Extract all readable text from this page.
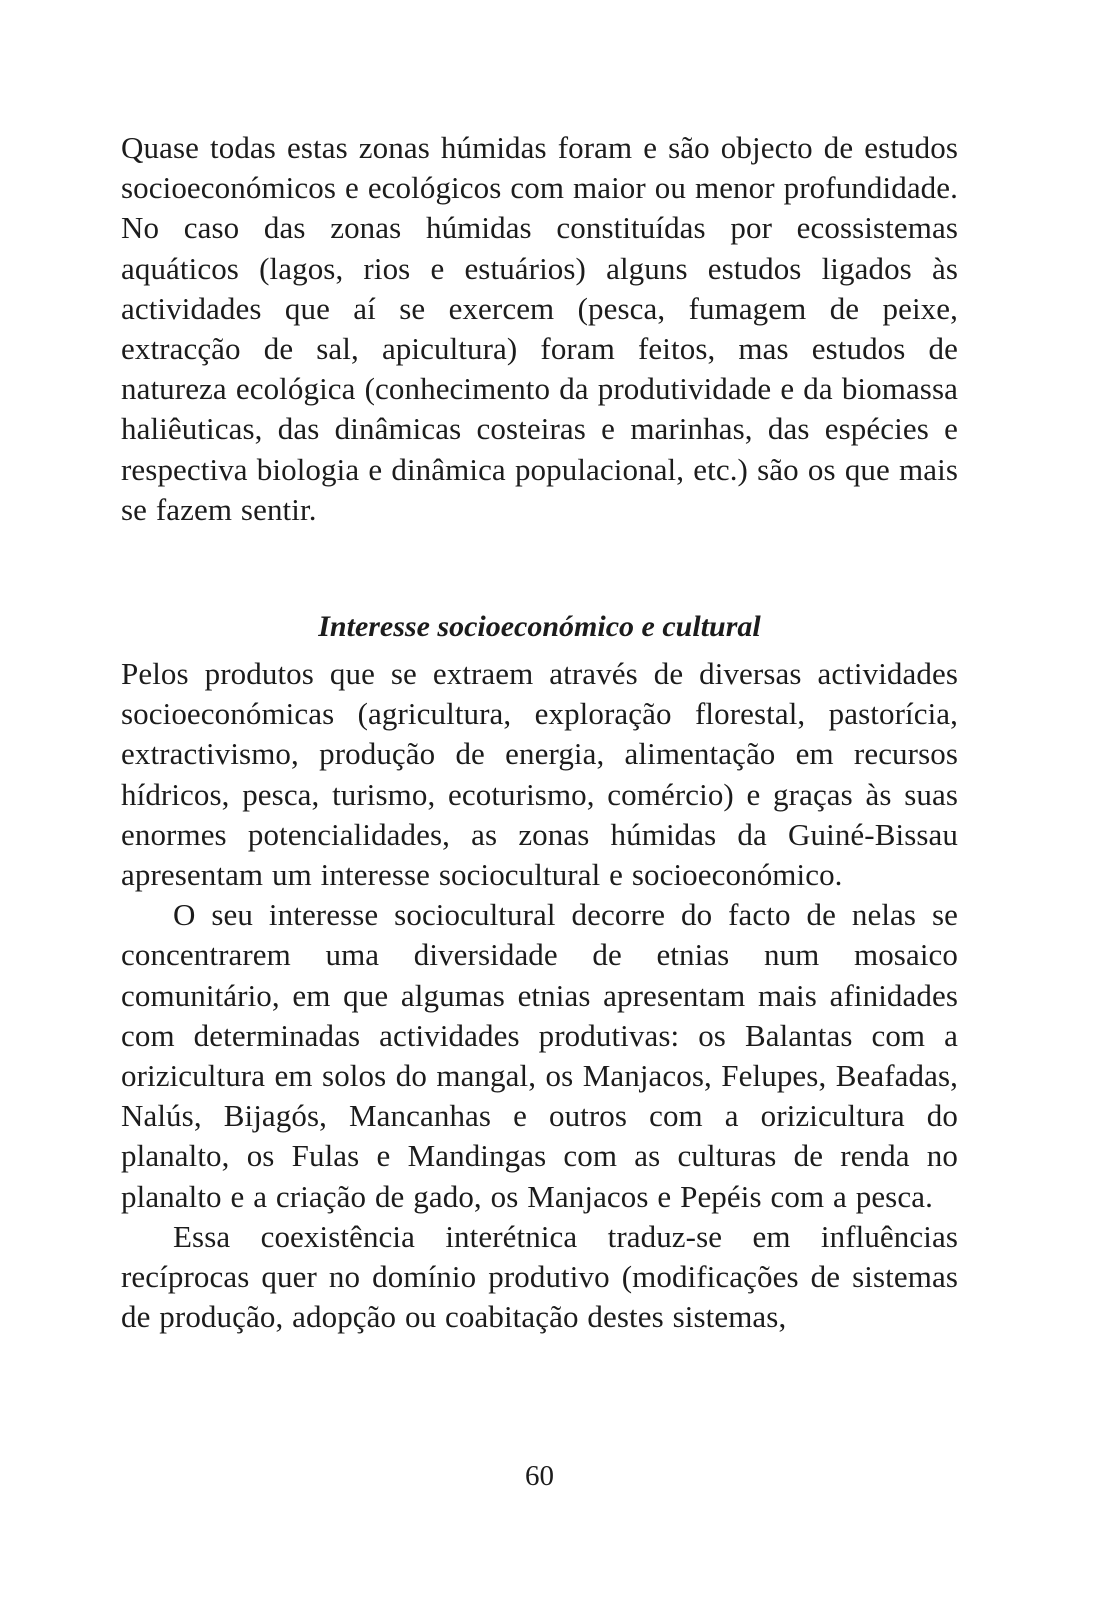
Quase todas estas zonas húmidas foram e são objecto de estudos socioeconómicos e ecológicos com maior ou menor profundidade. No caso das zonas húmidas constituídas por ecossistemas aquáticos (lagos, rios e estuários) alguns estudos ligados às actividades que aí se exercem (pesca, fumagem de peixe, extracção de sal, apicultura) foram feitos, mas estudos de natureza ecológica (conhecimento da produtividade e da biomassa haliêuticas, das dinâmicas costeiras e marinhas, das espécies e respectiva biologia e dinâmica populacional, etc.) são os que mais se fazem sentir.

Interesse socioeconómico e cultural

Pelos produtos que se extraem através de diversas actividades socioeconómicas (agricultura, exploração florestal, pastorícia, extractivismo, produção de energia, alimentação em recursos hídricos, pesca, turismo, ecoturismo, comércio) e graças às suas enormes potencialidades, as zonas húmidas da Guiné-Bissau apresentam um interesse sociocultural e socioeconómico.

O seu interesse sociocultural decorre do facto de nelas se concentrarem uma diversidade de etnias num mosaico comunitário, em que algumas etnias apresentam mais afinidades com determinadas actividades produtivas: os Balantas com a orizicultura em solos do mangal, os Manjacos, Felupes, Beafadas, Nalús, Bijagós, Mancanhas e outros com a orizicultura do planalto, os Fulas e Mandingas com as culturas de renda no planalto e a criação de gado, os Manjacos e Pepéis com a pesca.

Essa coexistência interétnica traduz-se em influências recíprocas quer no domínio produtivo (modificações de sistemas de produção, adopção ou coabitação destes sistemas,

60
